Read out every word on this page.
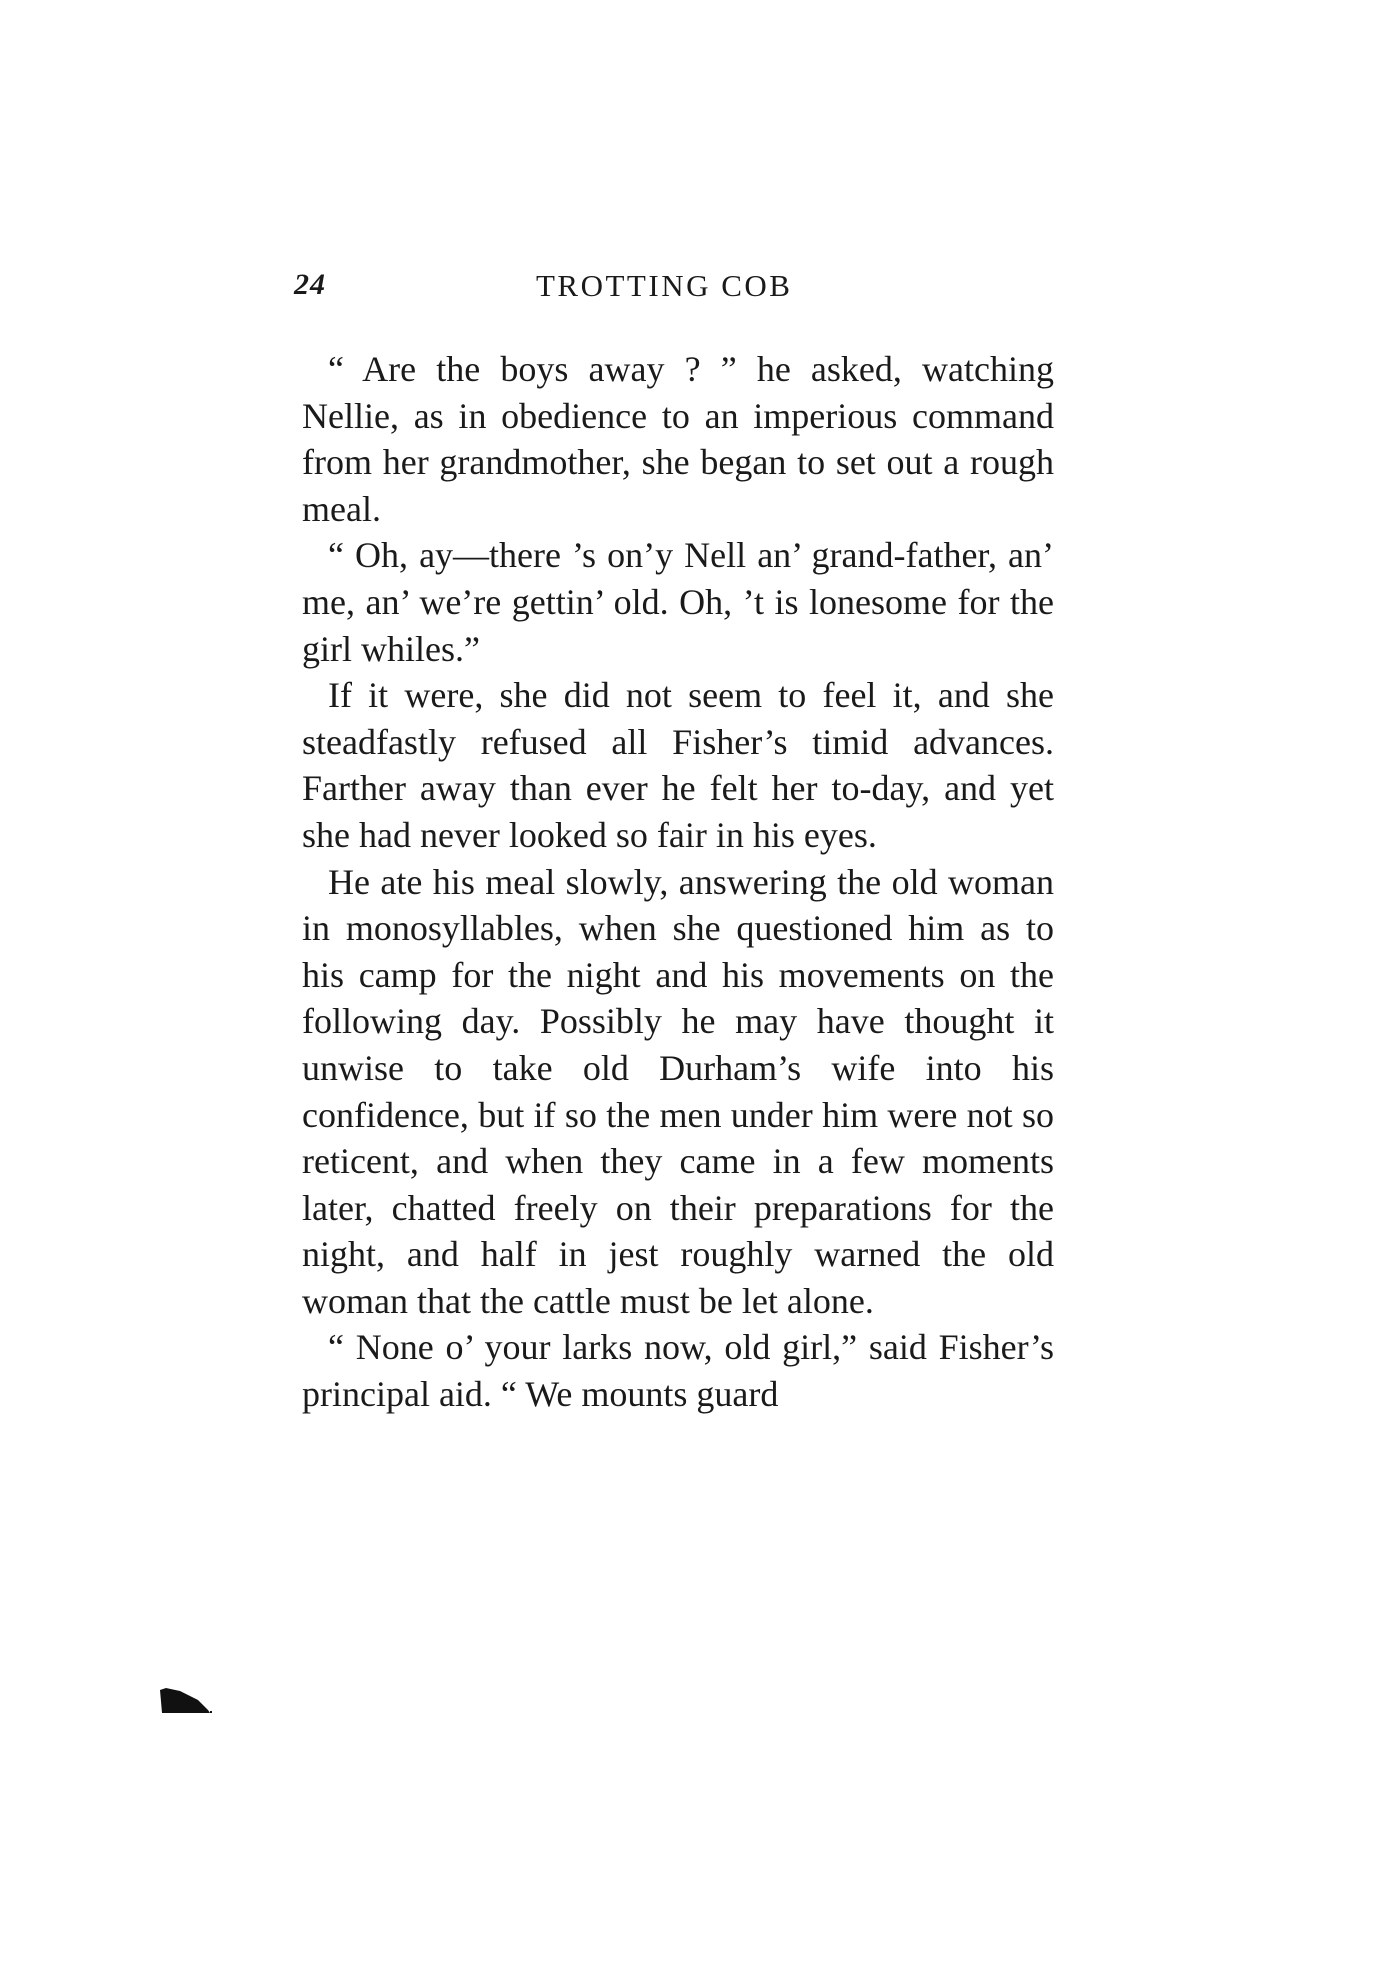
24	TROTTING COB

“ Are the boys away ? ” he asked, watching Nellie, as in obedience to an imperious command from her grandmother, she began to set out a rough meal.

“ Oh, ay—there ’s on’y Nell an’ grand-father, an’ me, an’ we’re gettin’ old. Oh, ’t is lonesome for the girl whiles.”

If it were, she did not seem to feel it, and she steadfastly refused all Fisher’s timid advances. Farther away than ever he felt her to-day, and yet she had never looked so fair in his eyes.

He ate his meal slowly, answering the old woman in monosyllables, when she questioned him as to his camp for the night and his movements on the following day. Possibly he may have thought it unwise to take old Durham’s wife into his confidence, but if so the men under him were not so reticent, and when they came in a few moments later, chatted freely on their preparations for the night, and half in jest roughly warned the old woman that the cattle must be let alone.

“ None o’ your larks now, old girl,” said Fisher’s principal aid. “ We mounts guard
